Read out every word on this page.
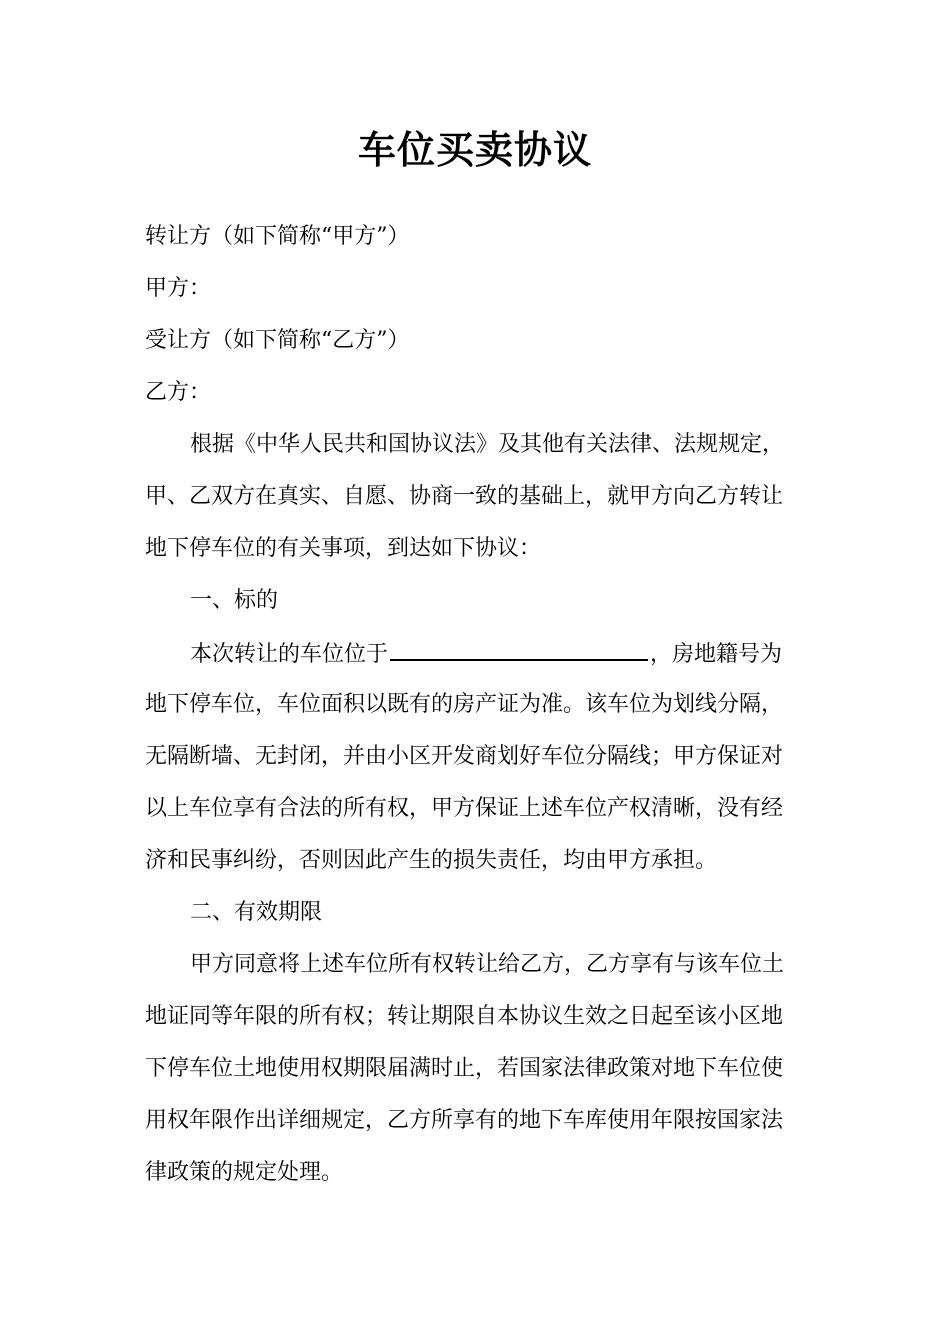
车位买卖协议
转让方（如下简称“甲方”）
甲方：
受让方（如下简称“乙方”）
乙方：
根据《中华人民共和国协议法》及其他有关法律、法规规定，
甲、乙双方在真实、自愿、协商一致的基础上，就甲方向乙方转让
地下停车位的有关事项，到达如下协议：
一、标的
本次转让的车位位于	，房地籍号为
地下停车位，车位面积以既有的房产证为准。该车位为划线分隔，
无隔断墙、无封闭，并由小区开发商划好车位分隔线；甲方保证对
以上车位享有合法的所有权，甲方保证上述车位产权清晰，没有经
济和民事纠纷，否则因此产生的损失责任，均由甲方承担。
二、有效期限
甲方同意将上述车位所有权转让给乙方，乙方享有与该车位土
地证同等年限的所有权；转让期限自本协议生效之日起至该小区地
下停车位土地使用权期限届满时止，若国家法律政策对地下车位使
用权年限作出详细规定，乙方所享有的地下车库使用年限按国家法
律政策的规定处理。
